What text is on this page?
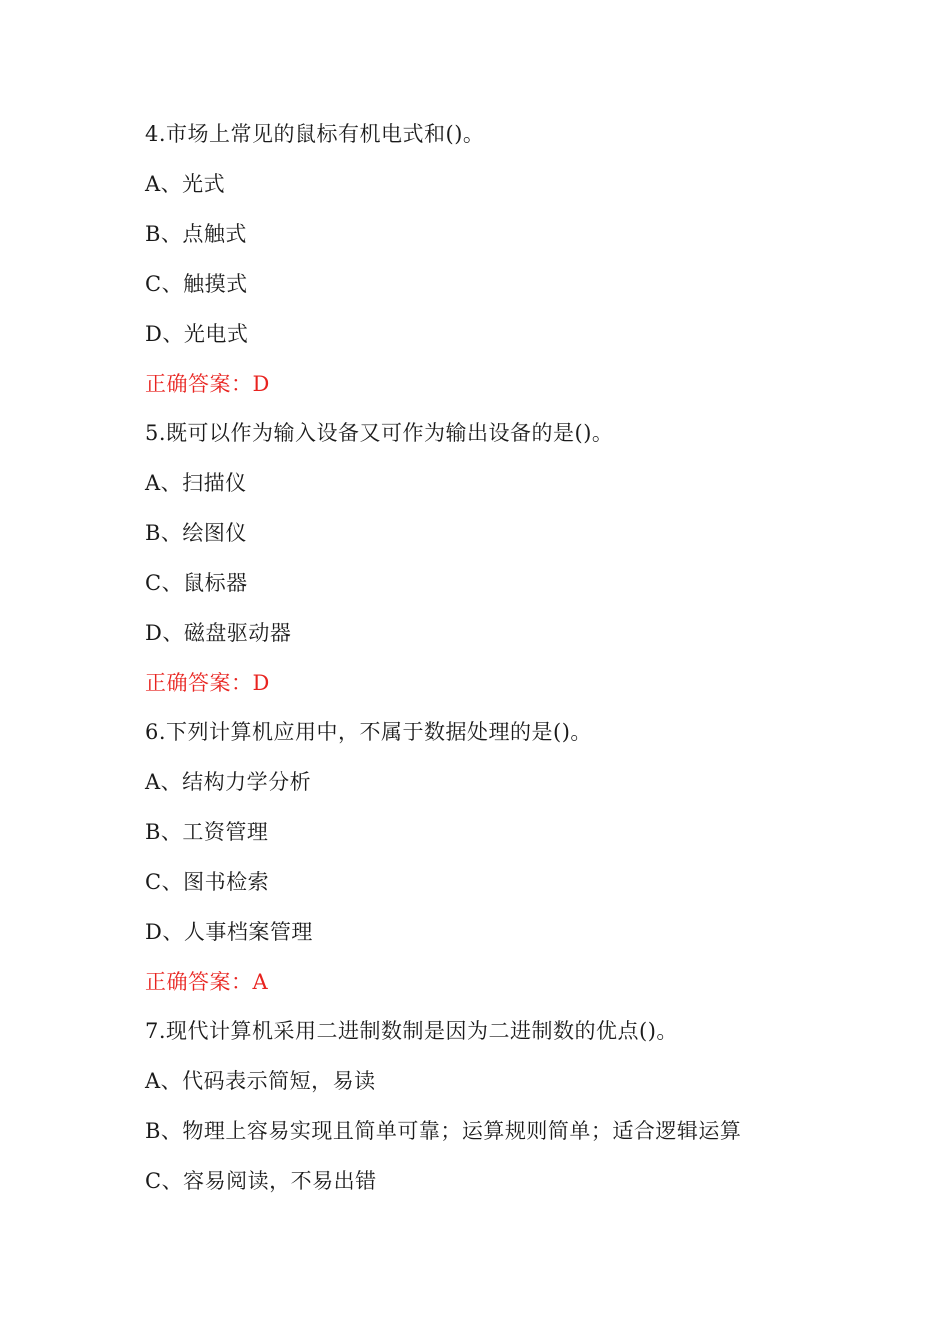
4.市场上常见的鼠标有机电式和()。
A、光式
B、点触式
C、触摸式
D、光电式
正确答案：D
5.既可以作为输入设备又可作为输出设备的是()。
A、扫描仪
B、绘图仪
C、鼠标器
D、磁盘驱动器
正确答案：D
6.下列计算机应用中，不属于数据处理的是()。
A、结构力学分析
B、工资管理
C、图书检索
D、人事档案管理
正确答案：A
7.现代计算机采用二进制数制是因为二进制数的优点()。
A、代码表示简短，易读
B、物理上容易实现且简单可靠；运算规则简单；适合逻辑运算
C、容易阅读，不易出错
